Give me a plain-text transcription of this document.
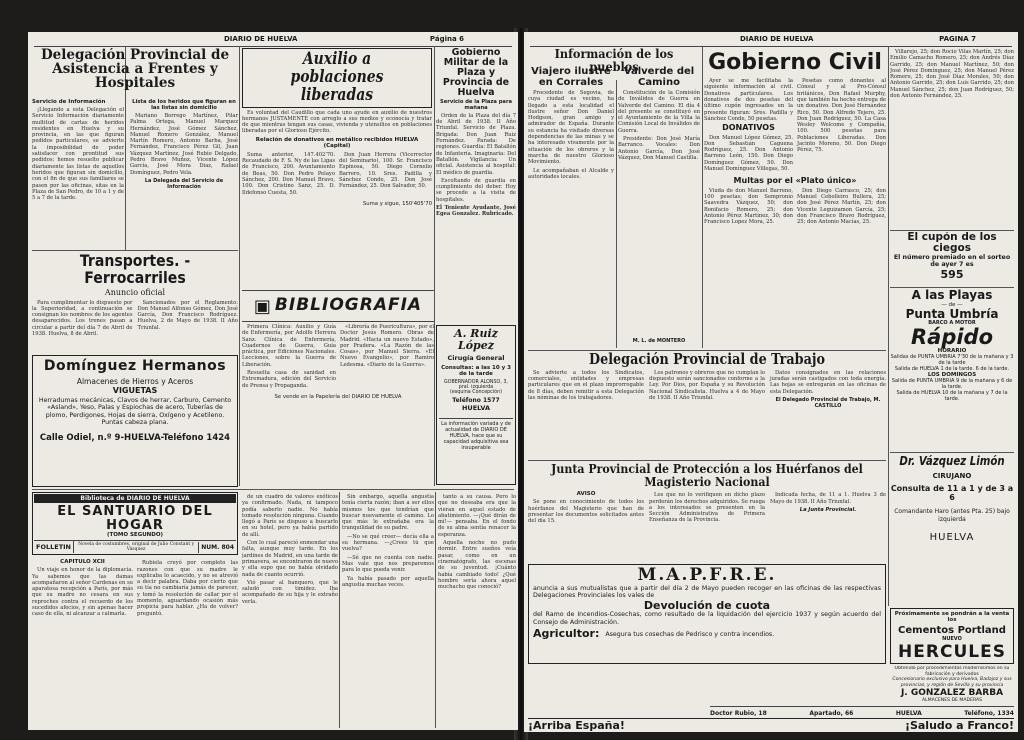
DIARIO DE HUELVA	Página 6

Delegación Provincial de Asistencia a Frentes y Hospitales

Servicio de Información

¡Llegando a esta Delegación el Servicio Información diariamente multitud de cartas de heridos residentes en Huelva y su provincia, en las que figuran pedidos particulares, se advierte la imposibilidad de poder satisfacer con prontitud sus pedidos; hemos resuelto publicar diariamente las listas de aquellos heridos que figuran sin domicilio, con el fin de que sus familiares se pasen por las oficinas, sitas en la Plaza de San Pedro, de 10 a 1 y de 5 a 7 de la tarde.

Lista de los heridos que figuran en las listas sin domicilio

Mariano Borrego Martínez, Pilar Palma Ortega, Manuel Marquez Hernández, José Gómez Sánchez, Manuel Romero González, Manuel Martín Romero, Antonio Barba, José Fernández, Francisco Pérez Gil, Juan Vázquez Martínez, José Rubio Delgado, Pedro Bravo Muñoz, Vicente López García, José Mora Diaz, Rafael Domínguez, Pedro Vela.

La Delegada del Servicio de Información

Auxilio a poblaciones liberadas

Es voluntad del Caudillo que cada uno ayude en auxilio de nuestros hermanos JUSTAMENTE con arreglo a sus medios y econocía y tratar de que mientras tengan sus casas, vivienda y utensilios en poblaciones liberadas por el Glorioso Ejército.

Relación de donativos en metálico recibidos HUELVA (Capital)

Suma anterior, 147.402'70. Recaudado de F. S. Ny de las Ligas de Francisco, 200. Avuntamiento de Beas, 50. Don Pedro Pelayo Sánchez, 200. Don Manuel Bravo, 100. Don Cristino Sanz, 25. D. Ildefonso Cuesta, 50.

Don Juan Herrera (Vicerrector del Seminario), 100. Sr. Francisco Espinosa, 50. Diego Cornelio Barrero, 10. Sres. Padilla y Sánchez Conde, 25. Don José Fernández, 25. Don Salvador, 50.

Suma y sigue, 150'405'70

Gobierno Militar de la Plaza y Provincia de Huelva

Servicio de la Plaza para mañana

Orden de la Plaza del día 7 de Abril de 1938. II Año Triunfal. Servicio de Plaza. Brigada: Don Juan Ruiz Fernández. Parada: De regiones. Guardia: El Batallón de Infantería. Imaginaria: Del Batallón. Vigilancia: Un oficial. Asistencia al hospital: El médico de guardia.

Escoltando de guardia en cumplimiento del deber. Hoy se procede a la visita de hospitales.

El Teniente Ayudante, José Egea Gonzalez. Rubricado.

Transportes. - Ferrocarriles

Anuncio oficial

Para cumplimentar lo dispuesto por la Superioridad, a continuación se consignan los nombres de los agentes desaparecidos. Los trenes pasan a circular a partir del día 7 de Abril de 1938. Huelva, 8 de Abril.

Sancionados por el Reglamento: Don Manuel Alfonso Gómez, Don José García, Don Francisco Rodríguez. Huelva, 2 de Mayo de 1938. II Año Triunfal.

▣ BIBLIOGRAFIA

Primera Clínica: Auxilio y Guía de Enfermería, por Adolfo Herrera Sanz. Clínica de Enfermería, Cuadernos de Guerra, Guía práctica, por Ediciones Nacionales. Lecciones, sobre la Guerra de Liberación.

Resuelta casa de sanidad en Extremadura, edición del Servicio de Prensa y Propaganda.

«Librería de Puericultura», por el Doctor Jesús Romero. Obras de Madrid. «Hacia un nuevo Estado», por Pradera. «La Razón de las Cosas», por Manuel Sierra. «El Nuevo Evangelio», por Ramiro Ledesma. «Diario de la Guerra».

Se vende en la Papelería del DIARIO DE HUELVA

A. Ruiz López

Cirugía General
Consultas: a las 10 y 3 de la tarde
GOBERNADOR ALONSO, 3, pral. izquierda
(esquina Concepción)
Teléfono 1577
HUELVA
La información variada y de actualidad de DIARIO DE HUELVA, hace que su capacidad adquisitiva sea insuperable

Domínguez Hermanos

Almacenes de Hierros y Aceros
VIGUETAS
Herradumas mecánicas, Clavos de herrar, Carburo, Cemento «Asland», Yeso, Palas y Espiochas de acero, Tuberías de plomo, Perdigones, Hojas de sierra, Oxígeno y Acetileno. Puntas cabeza plana.
Calle Odiel, n.º 9-HUELVA-Teléfono 1424
Biblioteca de DIARIO DE HUELVA

EL SANTUARIO DEL HOGAR

(TOMO SEGUNDO)
FOLLETIN	Novela de costumbres, original de Julio Constant y Vásquez	NUM. 804
CAPITULO XCII

Un viaje en honor de la diplomacia. Ya sabemos que las damas acompañaron al señor Cardenas en su aparatosa recepción a París, por más que su madre no cesara en sus reproches contra el recuerdo de los sucedidos afecios, y sin apenas hacer caso de ella, ni alcanzar a calmarla.

Rubiela creyó por completo las razones con que su madre le explicaba lo acaecido, y no se atrevió a decir palabra. Daba por cierto que su tía no cambiaría jamás de parecer, y tomó la resolución de callar por el momento, aguardando ocasión más propicia para hablar. ¿Ha de volver? preguntó.

de un cuadro de valores exóticos ya confirmado. Nada, ni tampoco podía saberlo nadie. No había tomado resolución ninguna. Cuando llegó a París se dispuso a buscarlo en su hotel, pero ya había partido de allí.

Con lo cual pareció enmendar una falta, aunque muy tarde. En los jardines de Madrid, en una tarde de primavera, se encontraron de nuevo y ella supo que no había olvidado nada de cuanto ocurrió.

Vió pasar al banquero, que le saludó con timidez. Iba acompañado de su hija y le extraño verla.

Sin embargo, aquella angustia tenía cierta razón; iban a ser ellos mismos los que tendrían que buscar nuevamente el camino. Lo que más le extrañaba era la tranquilidad de su padre.

—No se qué creer— decía ella a su hermana. —¿Crees tú que vuelva?

—Sé que no cuenta con nadie. Mas vale que nos preparemos para lo que pueda venir.

Ya había pasado por aquella angustia muchas veces.

tanto a su causa. Pero lo que no deseaba era que la vieran en aquel estado de abatimiento. —¡Qué dirán de mí!— pensaba. En el fondo de su alma sentía renacer la esperanza.

Aquella noche no pudo dormir. Entre sueños veía pasar, como en un cinematógrafo, las escenas de su juventud. ¡Cuánto había cambiado todo! ¿Qué hombre sería ahora aquel muchacho que conoció?

DIARIO DE HUELVA	PAGINA 7

Información de los pueblos

Viajero ilustre en Corrales

Procedente de Segovia, de cuya ciudad es vecino, ha llegado a esta localidad el ilustre señor Don Daniel Hodgson, gran amigo y admirador de España. Durante su estancia ha visitado diversas dependencias de las minas y se ha interesado vivamente por la situación de los obreros y la marcha de nuestro Glorioso Movimiento.

Le acompañaban el Alcalde y autoridades locales.

Valverde del Camino

Constitución de la Comisión de Inválidos de Guerra en Valverde del Camino. El día 4 del presente se constituyó en el Ayuntamiento de la Villa la Comisión Local de Inválidos de Guerra.

Presidente: Don José María Barranco. Vocales: Don Antonio García, Don José Vázquez, Don Manuel Castilla.

M. L. de MONTERO

Gobierno Civil

Ayer se me facilitaba la siguiente información al civil. Donativos particulares. Los donativos de dos pesetas del último cupón ingresados en la presente figuran: Sres. Padilla y Sánchez Conde, 50 pesetas.

DONATIVOS

Don Manuel López Gómez, 25. Don Sebastián Caguena Rodríguez, 25. Don Antonio Barreno León, 150. Don Diego Domínguez Gómez, 50. Don Manuel Domínguez Villegas, 50.

Pesetas como donantes al Cónsul y al Pro-Cónsul británicos, Don Rafael Murphy, que también ha hecho entrega de un donativo. Don José Hernández Rico, 50. Don Alfredo Tejero, 25. Don Juan Rodríguez, 50. La Casa Wesley Welcome y Compañía, 100. 500 pesetas para Poblaciones Liberadas. Don Jacinto Moreno, 50. Don Diego Pérez, 75.

Multas por el «Plato único»

Viuda de don Manuel Barreno, 100 pesetas; don Sempronio Saavedra Vázquez, 50; don Bonifacio Romero, 25; don Antonio Pérez Martinez, 30; don Francisco Lopez Mora, 25.

Don Diego Carrasco, 25; don Manuel Cebolleiro Bullera, 25; don José Pérez Martín, 25; don Vicente Leguizamon García, 25; don Francisco Bravo Rodríguez, 25; don Antonio Macías, 25.

Villarejo, 25; don Rocio Vilas Martín, 25; don Emilio Camacho Romero, 25; don Andrés Díaz Garrido, 25; don Manuel Martínez, 50; don José Pérez Domínguez, 25; don Manuel Pérez Romero, 25; don José Díaz Morales, 50; don Antonio Garrido, 25; don Luis Garrido, 25; don Manuel Sánchez, 25; don Juan Rodríguez, 50; don Antonio Fernández, 25.

El cupón de los ciegos

El número premiado en el sorteo de ayer 7 es
595

A las Playas

— de —

Punta Umbría

BARCO A MOTOR

Rápido

HORARIO
Salidas de PUNTA UMBRIA 7'30 de la mañana y 3 de la tarde
Salida de HUELVA 1 de la tarde. 6 de la tarde.
LOS DOMINGOS
Salida de PUNTA UMBRIA 9 de la mañana y 6 de la tarde.
Salida de HUELVA 10 de la mañana y 7 de la tarde.

Dr. Vázquez Limón

CIRUJANO
Consulta de 11 a 1 y de 3 a 6
Comandante Haro (antes Pta. 25) bajo izquierda
HUELVA

Delegación Provincial de Trabajo

Se advierte a todos los Sindicatos, comerciales, entidades y empresas particulares que en el plazo improrrogable de 8 días, deben remitir a esta Delegación las nóminas de los trabajadores.

Los patronos y obreros que no cumplan lo dispuesto serán sancionados conforme a la Ley. Por Dios, por España y su Revolución Nacional Sindicalista. Huelva a 4 de Mayo de 1938. II Año Triunfal.

Datos consignados en las relaciones juradas serán castigados con toda energía. Las hojas se entregarán en las oficinas de esta Delegación.

El Delegado Provincial de Trabajo, M. CASTILLO

Junta Provincial de Protección a los Huérfanos del Magisterio Nacional

AVISO

Se pone en conocimiento de todos los huérfanos del Magisterio que han de presentar los documentos solicitados antes del día 15.

Los que no lo verifiquen en dicho plazo perderán los derechos adquiridos. Se ruega a los interesados se presenten en la Sección Administrativa de Primera Enseñanza de la Provincia.

Indicada fecha, de 11 a 1. Huelva 3 de Mayo de 1938. II Año Triunfal.

La Junta Provincial.

M.A.P.F.R.E.

anuncia a sus mutualistas que a partir del día 2 de Mayo pueden recoger en las oficinas de las respectivas Delegaciones Provinciales los vales de

Devolución de cuota

del Ramo de Incendios-Cosechas, como resultado de la liquidación del ejercicio 1937 y según acuerdo del Consejo de Administración.
Agricultor: Asegura tus cosechas de Pedrisco y contra incendios.
Próximamente se pondrán a la venta los
Cementos Portland
NUEVO
HERCULES
Obtenido por procedimientos modernísimos en su fabricación y derivados
Concesionario exclusivo para Huelva, Badajoz y sus provincias, y región de Sevilla y su provincia
J. GONZALEZ BARBA
ALMACENES DE MADERAS
Doctor Rubio, 18	Apartado, 66	HUELVA	Teléfono, 1334
¡Arriba España!	¡Saludo a Franco!
